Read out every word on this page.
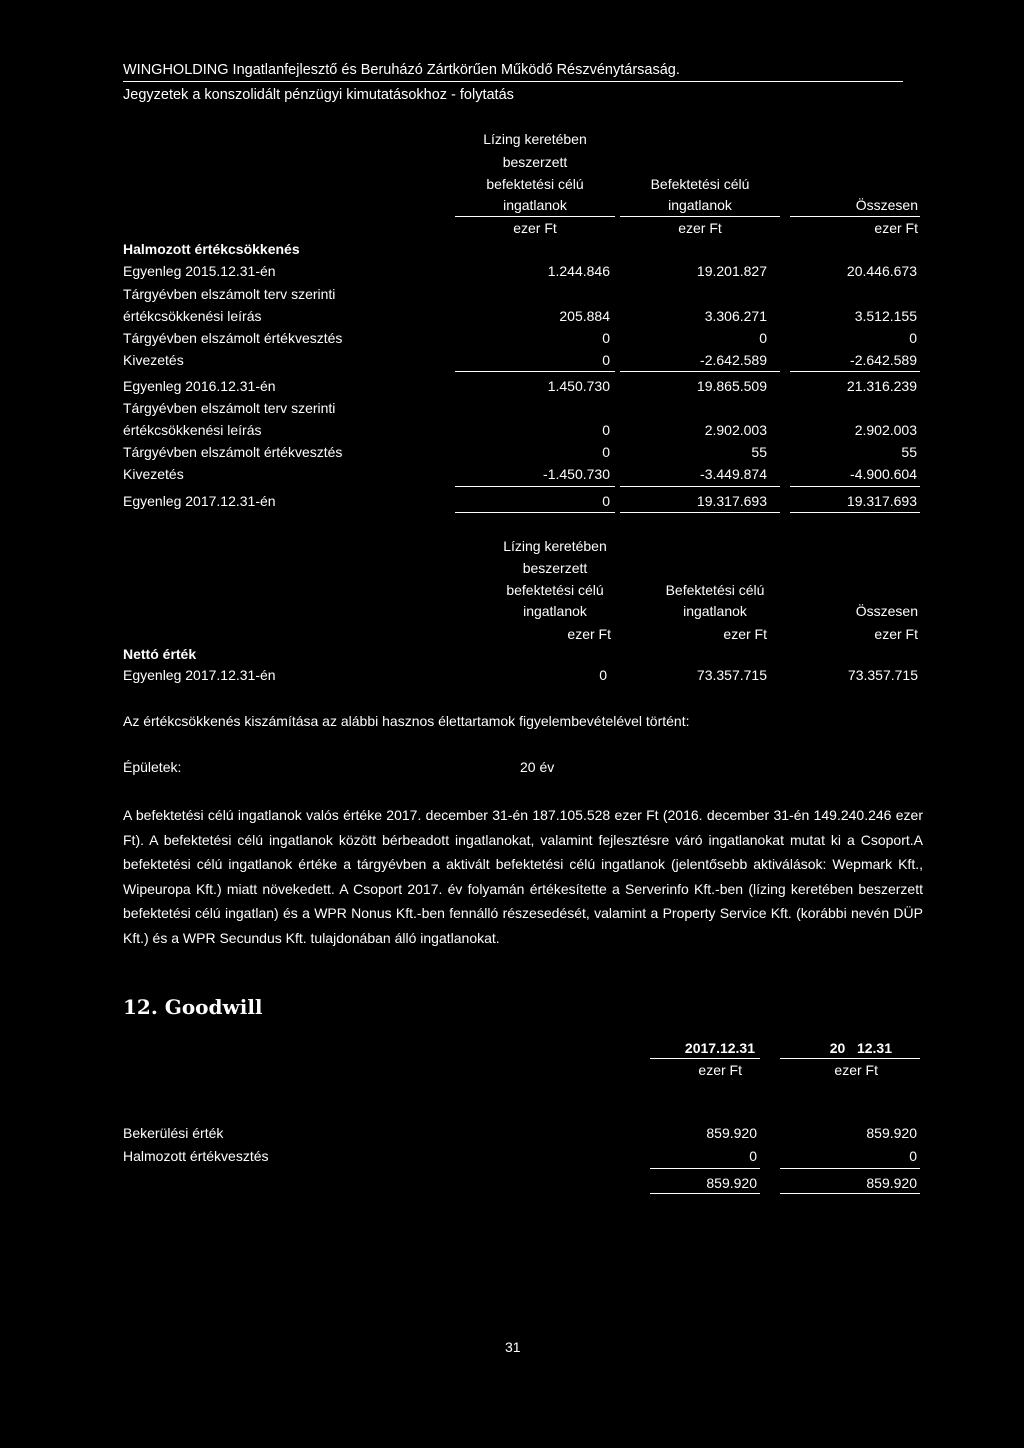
WINGHOLDING Ingatlanfejlesztő és Beruházó Zártkörűen Működő Részvénytársaság.
Jegyzetek a konszolidált pénzügyi kimutatásokhoz - folytatás
Lízing keretében
beszerzett
befektetési célú
ingatlanok
Befektetési célú
ingatlanok	Összesen
ezer Ft	ezer Ft	ezer Ft
Halmozott értékcsökkenés
Egyenleg 2015.12.31-én	1.244.846	19.201.827	20.446.673
Tárgyévben elszámolt terv szerinti
értékcsökkenési leírás	205.884	3.306.271	3.512.155
Tárgyévben elszámolt értékvesztés	0	0	0
Kivezetés	0	-2.642.589	-2.642.589
Egyenleg 2016.12.31-én	1.450.730	19.865.509	21.316.239
Tárgyévben elszámolt terv szerinti
értékcsökkenési leírás	0	2.902.003	2.902.003
Tárgyévben elszámolt értékvesztés	0	55	55
Kivezetés	-1.450.730	-3.449.874	-4.900.604
Egyenleg 2017.12.31-én	0	19.317.693	19.317.693
Lízing keretében
beszerzett
befektetési célú
ingatlanok
Befektetési célú
ingatlanok	Összesen
ezer Ft	ezer Ft	ezer Ft
Nettó érték
Egyenleg 2017.12.31-én	0	73.357.715	73.357.715
Az értékcsökkenés kiszámítása az alábbi hasznos élettartamok figyelembevételével történt:
Épületek:	20 év
A befektetési célú ingatlanok valós értéke 2017. december 31-én 187.105.528 ezer Ft (2016. december 31-én 149.240.246 ezer Ft). A befektetési célú ingatlanok között bérbeadott ingatlanokat, valamint fejlesztésre váró ingatlanokat mutat ki a Csoport.A befektetési célú ingatlanok értéke a tárgyévben a aktivált befektetési célú ingatlanok (jelentősebb aktiválások: Wepmark Kft., Wipeuropa Kft.) miatt növekedett. A Csoport 2017. év folyamán értékesítette a Serverinfo Kft.-ben (lízing keretében beszerzett befektetési célú ingatlan) és a WPR Nonus Kft.-ben fennálló részesedését, valamint a Property Service Kft. (korábbi nevén DÜP Kft.) és a WPR Secundus Kft. tulajdonában álló ingatlanokat.
12. Goodwill
2017.12.31	20   12.31
ezer Ft	ezer Ft
Bekerülési érték	859.920	859.920
Halmozott értékvesztés	0	0
859.920	859.920
31
